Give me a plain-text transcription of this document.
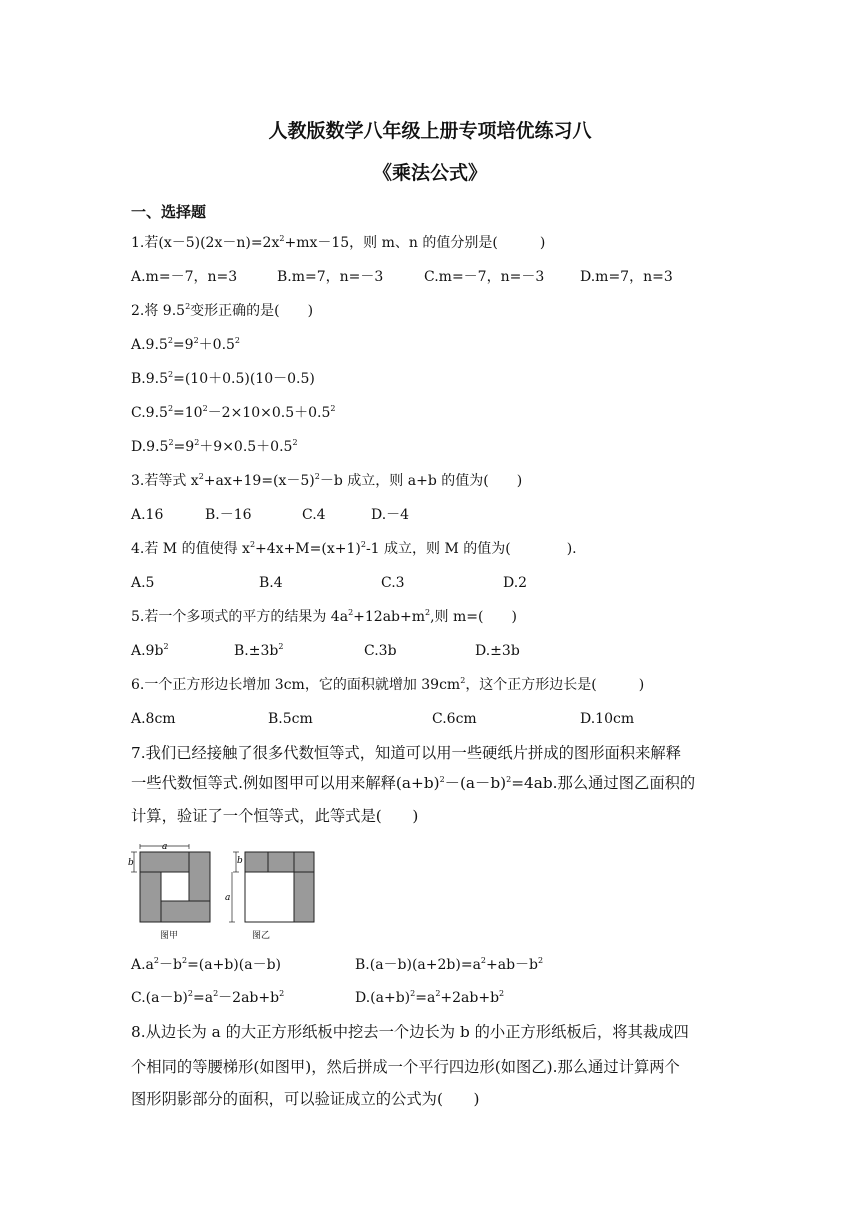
人教版数学八年级上册专项培优练习八
《乘法公式》
一、选择题
1.若$(x-5)(2x-n)=2x^2+mx-15$，则 m、n 的值分别是(　　　)
A.m=－7，n=3	B.m=7，n=－3	C.m=－7，n=－3	D.m=7，n=3
2.将 $9.5^2$变形正确的是(　　)
$A.9.5^2=9^2+0.5^2$
$B.9.5^2=(10+0.5)(10-0.5)$
$C.9.5^2=10^2-2\times 10\times 0.5+0.5^2$
$D.9.5^2=9^2+9\times 0.5+0.5^2$
3.若等式 $x^2+ax+19=(x-5)^2-b$ 成立，则 a+b 的值为(　　)
A.16	B.－16	C.4	D.－4
4.若 M 的值使得 $x^2+4x+M=(x+1)^2-1$ 成立，则 M 的值为(　　　　).
A.5	B.4	C.3	D.2
5.若一个多项式的平方的结果为 $4a^2+12ab+m^2$,则 m=(　　)
$A.9b^2$	$B.\pm 3b^2$	C.3b	D.±3b
6.一个正方形边长增加 3cm，它的面积就增加 $39cm^2$，这个正方形边长是(　　　)
A.8cm	B.5cm	C.6cm	D.10cm
7.我们已经接触了很多代数恒等式，知道可以用一些硬纸片拼成的图形面积来解释
一些代数恒等式.例如图甲可以用来解释$(a+b)^2-(a-b)^2=4ab$.那么通过图乙面积的
计算，验证了一个恒等式，此等式是(　　)
a
b
图甲
b
a
图乙
$A.a^2-b^2=(a+b)(a-b)$	$B.(a-b)(a+2b)=a^2+ab-b^2$
$C.(a-b)^2=a^2-2ab+b^2$	$D.(a+b)^2=a^2+2ab+b^2$
8.从边长为 a 的大正方形纸板中挖去一个边长为 b 的小正方形纸板后，将其裁成四
个相同的等腰梯形(如图甲)，然后拼成一个平行四边形(如图乙).那么通过计算两个
图形阴影部分的面积，可以验证成立的公式为(　　)
